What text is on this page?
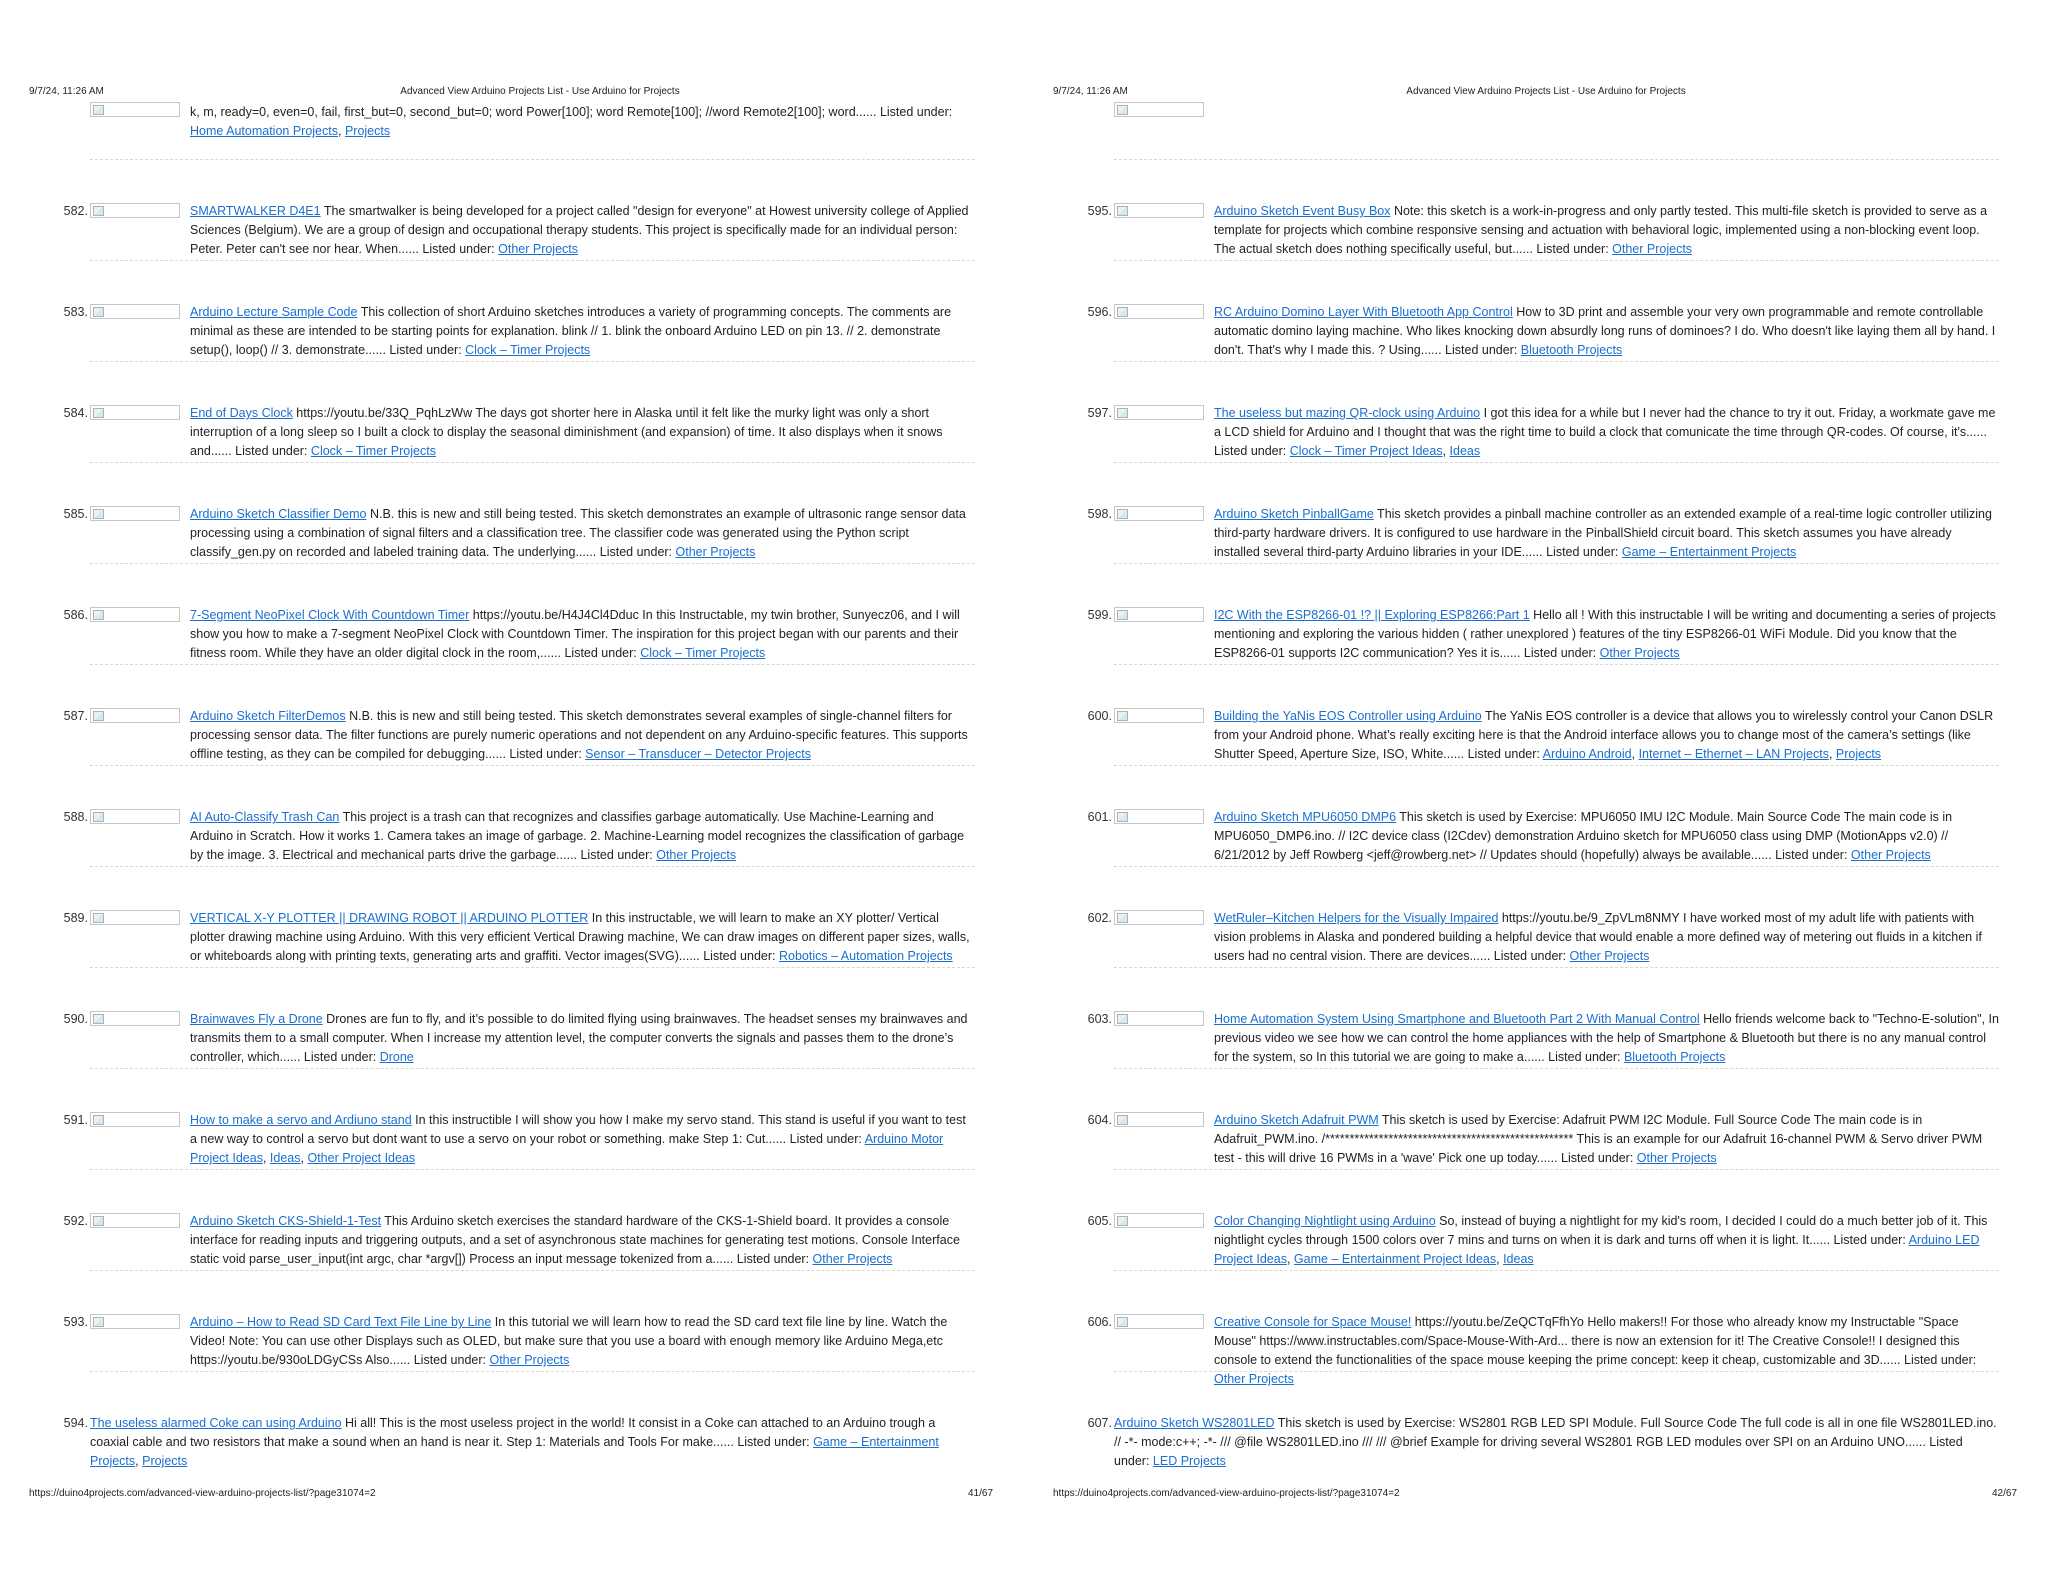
9/7/24, 11:26 AM	Advanced View Arduino Projects List - Use Arduino for Projects
k, m, ready=0, even=0, fail, first_but=0, second_but=0; word Power[100]; word Remote[100]; //word Remote2[100]; word...... Listed under: Home Automation Projects, Projects
582.	SMARTWALKER D4E1 The smartwalker is being developed for a project called "design for everyone" at Howest university college of Applied Sciences (Belgium). We are a group of design and occupational therapy students. This project is specifically made for an individual person: Peter. Peter can't see nor hear. When...... Listed under: Other Projects
583.	Arduino Lecture Sample Code This collection of short Arduino sketches introduces a variety of programming concepts. The comments are minimal as these are intended to be starting points for explanation. blink // 1. blink the onboard Arduino LED on pin 13. // 2. demonstrate setup(), loop() // 3. demonstrate...... Listed under: Clock – Timer Projects
584.	End of Days Clock https://youtu.be/33Q_PqhLzWw The days got shorter here in Alaska until it felt like the murky light was only a short interruption of a long sleep so I built a clock to display the seasonal diminishment (and expansion) of time. It also displays when it snows and...... Listed under: Clock – Timer Projects
585.	Arduino Sketch Classifier Demo N.B. this is new and still being tested. This sketch demonstrates an example of ultrasonic range sensor data processing using a combination of signal filters and a classification tree. The classifier code was generated using the Python script classify_gen.py on recorded and labeled training data. The underlying...... Listed under: Other Projects
586.	7-Segment NeoPixel Clock With Countdown Timer https://youtu.be/H4J4Cl4Dduc In this Instructable, my twin brother, Sunyecz06, and I will show you how to make a 7-segment NeoPixel Clock with Countdown Timer. The inspiration for this project began with our parents and their fitness room. While they have an older digital clock in the room,...... Listed under: Clock – Timer Projects
587.	Arduino Sketch FilterDemos N.B. this is new and still being tested. This sketch demonstrates several examples of single-channel filters for processing sensor data. The filter functions are purely numeric operations and not dependent on any Arduino-specific features. This supports offline testing, as they can be compiled for debugging...... Listed under: Sensor – Transducer – Detector Projects
588.	AI Auto-Classify Trash Can This project is a trash can that recognizes and classifies garbage automatically. Use Machine-Learning and Arduino in Scratch. How it works 1. Camera takes an image of garbage. 2. Machine-Learning model recognizes the classification of garbage by the image. 3. Electrical and mechanical parts drive the garbage...... Listed under: Other Projects
589.	VERTICAL X-Y PLOTTER || DRAWING ROBOT || ARDUINO PLOTTER In this instructable, we will learn to make an XY plotter/ Vertical plotter drawing machine using Arduino. With this very efficient Vertical Drawing machine, We can draw images on different paper sizes, walls, or whiteboards along with printing texts, generating arts and graffiti. Vector images(SVG)...... Listed under: Robotics – Automation Projects
590.	Brainwaves Fly a Drone Drones are fun to fly, and it’s possible to do limited flying using brainwaves. The headset senses my brainwaves and transmits them to a small computer. When I increase my attention level, the computer converts the signals and passes them to the drone’s controller, which...... Listed under: Drone
591.	How to make a servo and Ardiuno stand In this instructible I will show you how I make my servo stand. This stand is useful if you want to test a new way to control a servo but dont want to use a servo on your robot or something. make Step 1: Cut...... Listed under: Arduino Motor Project Ideas, Ideas, Other Project Ideas
592.	Arduino Sketch CKS-Shield-1-Test This Arduino sketch exercises the standard hardware of the CKS-1-Shield board. It provides a console interface for reading inputs and triggering outputs, and a set of asynchronous state machines for generating test motions. Console Interface static void parse_user_input(int argc, char *argv[]) Process an input message tokenized from a...... Listed under: Other Projects
593.	Arduino – How to Read SD Card Text File Line by Line In this tutorial we will learn how to read the SD card text file line by line. Watch the Video! Note: You can use other Displays such as OLED, but make sure that you use a board with enough memory like Arduino Mega,etc https://youtu.be/930oLDGyCSs Also...... Listed under: Other Projects
594. The useless alarmed Coke can using Arduino Hi all! This is the most useless project in the world! It consist in a Coke can attached to an Arduino trough a coaxial cable and two resistors that make a sound when an hand is near it. Step 1: Materials and Tools For make...... Listed under: Game – Entertainment Projects, Projects
https://duino4projects.com/advanced-view-arduino-projects-list/?page31074=2	41/67
9/7/24, 11:26 AM	Advanced View Arduino Projects List - Use Arduino for Projects
595.	Arduino Sketch Event Busy Box Note: this sketch is a work-in-progress and only partly tested. This multi-file sketch is provided to serve as a template for projects which combine responsive sensing and actuation with behavioral logic, implemented using a non-blocking event loop. The actual sketch does nothing specifically useful, but...... Listed under: Other Projects
596.	RC Arduino Domino Layer With Bluetooth App Control How to 3D print and assemble your very own programmable and remote controllable automatic domino laying machine. Who likes knocking down absurdly long runs of dominoes? I do. Who doesn't like laying them all by hand. I don't. That's why I made this. ? Using...... Listed under: Bluetooth Projects
597.	The useless but mazing QR-clock using Arduino I got this idea for a while but I never had the chance to try it out. Friday, a workmate gave me a LCD shield for Arduino and I thought that was the right time to build a clock that comunicate the time through QR-codes. Of course, it's...... Listed under: Clock – Timer Project Ideas, Ideas
598.	Arduino Sketch PinballGame This sketch provides a pinball machine controller as an extended example of a real-time logic controller utilizing third-party hardware drivers. It is configured to use hardware in the PinballShield circuit board. This sketch assumes you have already installed several third-party Arduino libraries in your IDE...... Listed under: Game – Entertainment Projects
599.	I2C With the ESP8266-01 !? || Exploring ESP8266:Part 1 Hello all ! With this instructable I will be writing and documenting a series of projects mentioning and exploring the various hidden ( rather unexplored ) features of the tiny ESP8266-01 WiFi Module. Did you know that the ESP8266-01 supports I2C communication? Yes it is...... Listed under: Other Projects
600.	Building the YaNis EOS Controller using Arduino The YaNis EOS controller is a device that allows you to wirelessly control your Canon DSLR from your Android phone. What’s really exciting here is that the Android interface allows you to change most of the camera’s settings (like Shutter Speed, Aperture Size, ISO, White...... Listed under: Arduino Android, Internet – Ethernet – LAN Projects, Projects
601.	Arduino Sketch MPU6050 DMP6 This sketch is used by Exercise: MPU6050 IMU I2C Module. Main Source Code The main code is in MPU6050_DMP6.ino. // I2C device class (I2Cdev) demonstration Arduino sketch for MPU6050 class using DMP (MotionApps v2.0) // 6/21/2012 by Jeff Rowberg <jeff@rowberg.net> // Updates should (hopefully) always be available...... Listed under: Other Projects
602.	WetRuler–Kitchen Helpers for the Visually Impaired https://youtu.be/9_ZpVLm8NMY I have worked most of my adult life with patients with vision problems in Alaska and pondered building a helpful device that would enable a more defined way of metering out fluids in a kitchen if users had no central vision. There are devices...... Listed under: Other Projects
603.	Home Automation System Using Smartphone and Bluetooth Part 2 With Manual Control Hello friends welcome back to "Techno-E-solution", In previous video we see how we can control the home appliances with the help of Smartphone & Bluetooth but there is no any manual control for the system, so In this tutorial we are going to make a...... Listed under: Bluetooth Projects
604.	Arduino Sketch Adafruit PWM This sketch is used by Exercise: Adafruit PWM I2C Module. Full Source Code The main code is in Adafruit_PWM.ino. /*************************************************** This is an example for our Adafruit 16-channel PWM & Servo driver PWM test - this will drive 16 PWMs in a 'wave' Pick one up today...... Listed under: Other Projects
605.	Color Changing Nightlight using Arduino So, instead of buying a nightlight for my kid's room, I decided I could do a much better job of it. This nightlight cycles through 1500 colors over 7 mins and turns on when it is dark and turns off when it is light. It...... Listed under: Arduino LED Project Ideas, Game – Entertainment Project Ideas, Ideas
606.	Creative Console for Space Mouse! https://youtu.be/ZeQCTqFfhYo Hello makers!! For those who already know my Instructable "Space Mouse" https://www.instructables.com/Space-Mouse-With-Ard... there is now an extension for it! The Creative Console!! I designed this console to extend the functionalities of the space mouse keeping the prime concept: keep it cheap, customizable and 3D...... Listed under: Other Projects
607. Arduino Sketch WS2801LED This sketch is used by Exercise: WS2801 RGB LED SPI Module. Full Source Code The full code is all in one file WS2801LED.ino. // -*- mode:c++; -*- /// @file WS2801LED.ino /// /// @brief Example for driving several WS2801 RGB LED modules over SPI on an Arduino UNO...... Listed under: LED Projects
https://duino4projects.com/advanced-view-arduino-projects-list/?page31074=2	42/67
